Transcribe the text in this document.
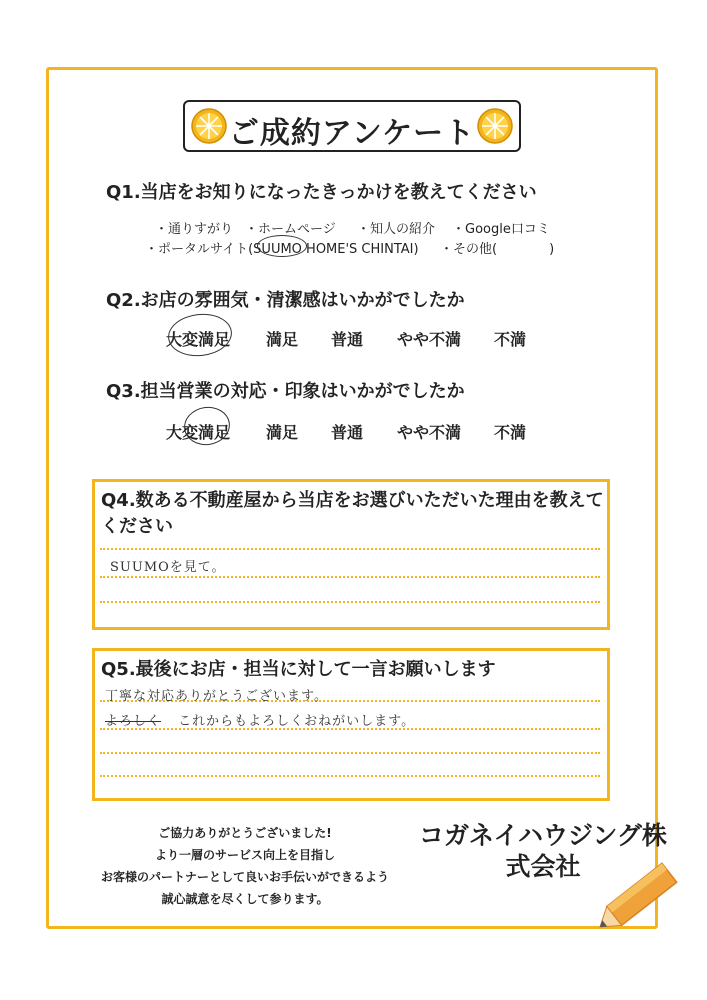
ご成約アンケート
Q1.当店をお知りになったきっかけを教えてください
・通りすがり ・ホームページ ・知人の紹介 ・Google口コミ
・ポータルサイト(SUUMO HOME'S CHINTAI) ・その他(　　　　)
Q2.お店の雰囲気・清潔感はいかがでしたか
大変満足 満足 普通 やや不満 不満
Q3.担当営業の対応・印象はいかがでしたか
大変満足 満足 普通 やや不満 不満
Q4.数ある不動産屋から当店をお選びいただいた理由を教えて
ください
SUUMOを見て。
Q5.最後にお店・担当に対して一言お願いします
丁寧な対応ありがとうございます。
よろしく これからもよろしくおねがいします。
ご協力ありがとうございました!
より一層のサービス向上を目指し
お客様のパートナーとして良いお手伝いができるよう
誠心誠意を尽くして参ります。
コガネイハウジング株
式会社
